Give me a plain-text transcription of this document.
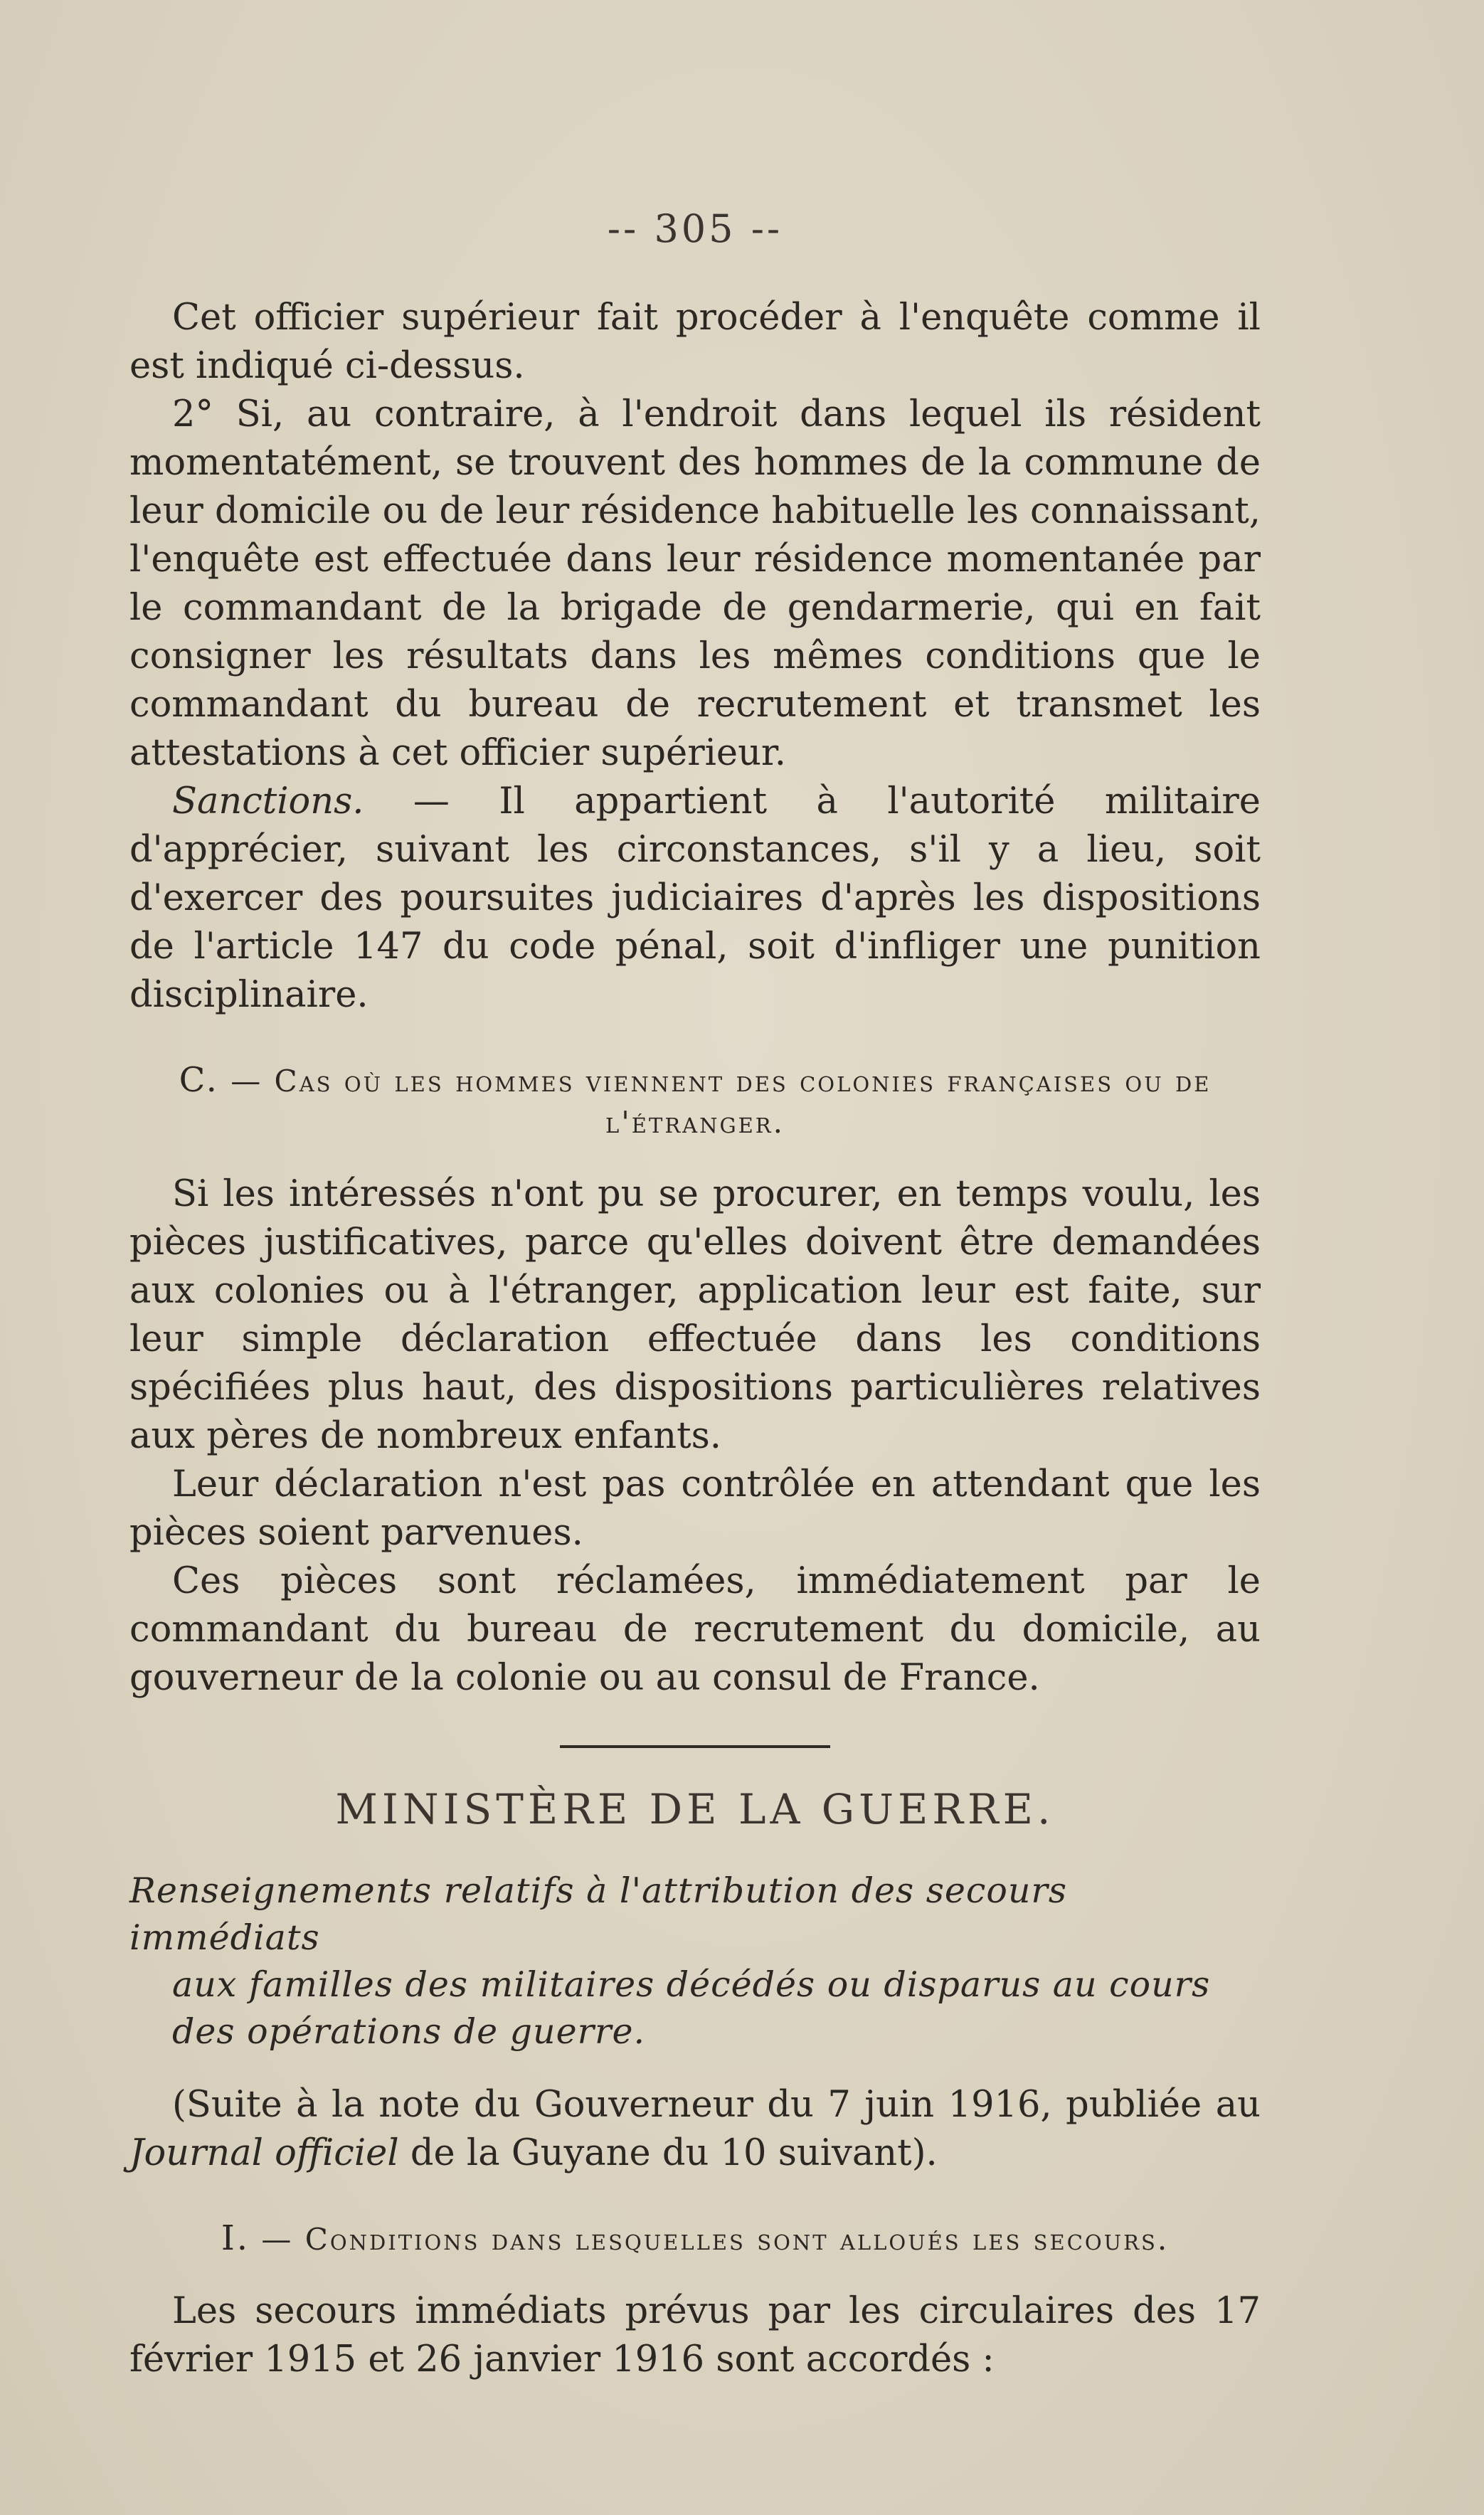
-- 305 --

Cet officier supérieur fait procéder à l'enquête comme il est indiqué ci-dessus.

2° Si, au contraire, à l'endroit dans lequel ils résident momentatément, se trouvent des hommes de la commune de leur domicile ou de leur résidence habituelle les connaissant, l'enquête est effectuée dans leur résidence momentanée par le commandant de la brigade de gendarmerie, qui en fait consigner les résultats dans les mêmes conditions que le commandant du bureau de recrutement et transmet les attestations à cet officier supérieur.

Sanctions. — Il appartient à l'autorité militaire d'apprécier, suivant les circonstances, s'il y a lieu, soit d'exercer des poursuites judiciaires d'après les dispositions de l'article 147 du code pénal, soit d'infliger une punition disciplinaire.

C. — Cas où les hommes viennent des colonies françaises ou de l'étranger.

Si les intéressés n'ont pu se procurer, en temps voulu, les pièces justificatives, parce qu'elles doivent être demandées aux colonies ou à l'étranger, application leur est faite, sur leur simple déclaration effectuée dans les conditions spécifiées plus haut, des dispositions particulières relatives aux pères de nombreux enfants.

Leur déclaration n'est pas contrôlée en attendant que les pièces soient parvenues.

Ces pièces sont réclamées, immédiatement par le commandant du bureau de recrutement du domicile, au gouverneur de la colonie ou au consul de France.

MINISTÈRE DE LA GUERRE.
Renseignements relatifs à l'attribution des secours immédiats
aux familles des militaires décédés ou disparus au cours des opérations de guerre.

(Suite à la note du Gouverneur du 7 juin 1916, publiée au Journal officiel de la Guyane du 10 suivant).

I. — Conditions dans lesquelles sont alloués les secours.

Les secours immédiats prévus par les circulaires des 17 février 1915 et 26 janvier 1916 sont accordés :
